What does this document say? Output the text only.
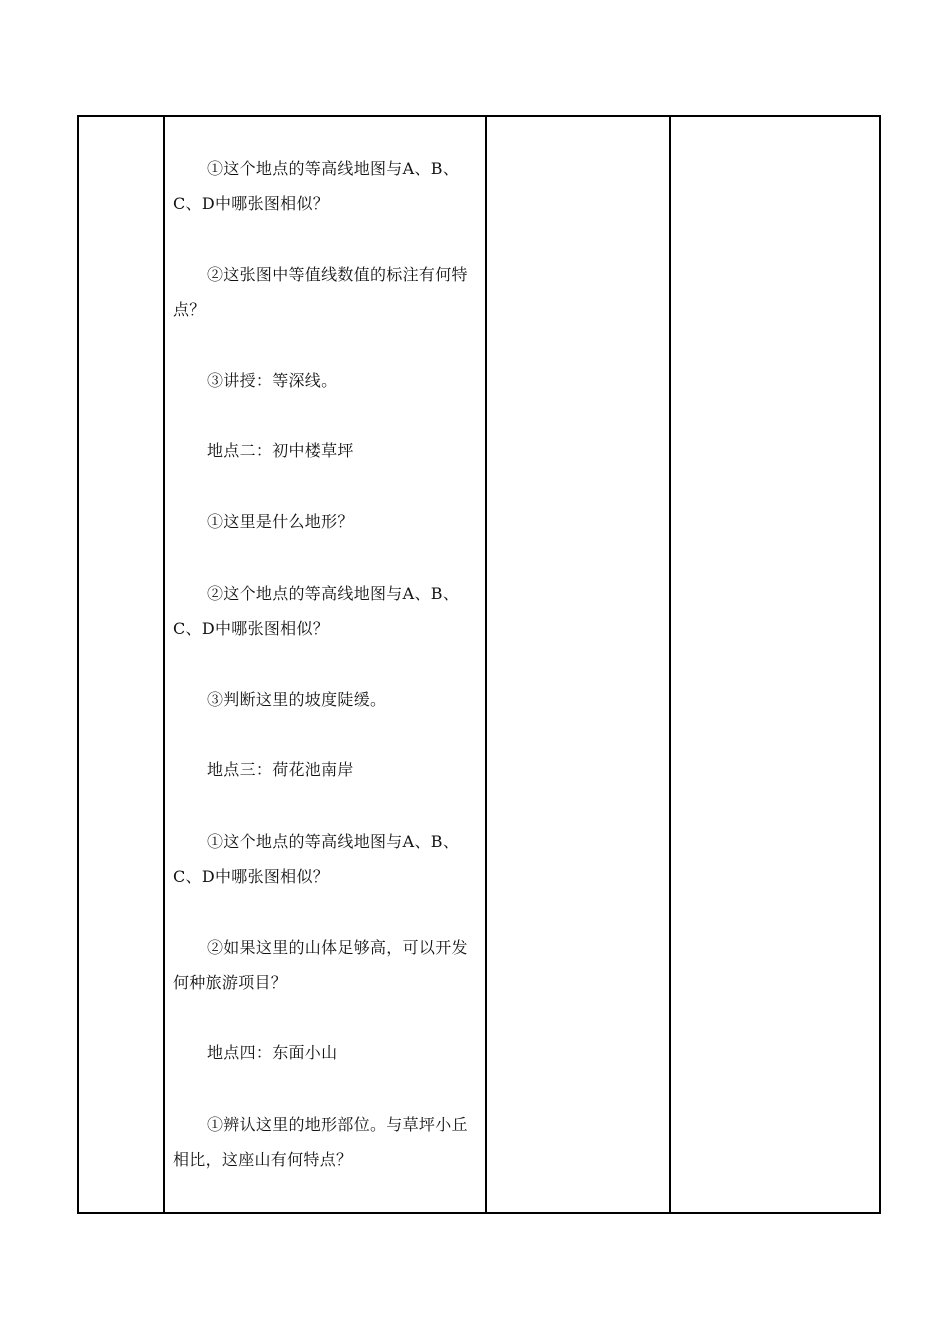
①这个地点的等高线地图与A、B、
C、D中哪张图相似？

②这张图中等值线数值的标注有何特
点？

③讲授：等深线。

地点二：初中楼草坪

①这里是什么地形？

②这个地点的等高线地图与A、B、
C、D中哪张图相似？

③判断这里的坡度陡缓。

地点三：荷花池南岸

①这个地点的等高线地图与A、B、
C、D中哪张图相似？

②如果这里的山体足够高，可以开发
何种旅游项目？

地点四：东面小山

①辨认这里的地形部位。与草坪小丘
相比，这座山有何特点？
